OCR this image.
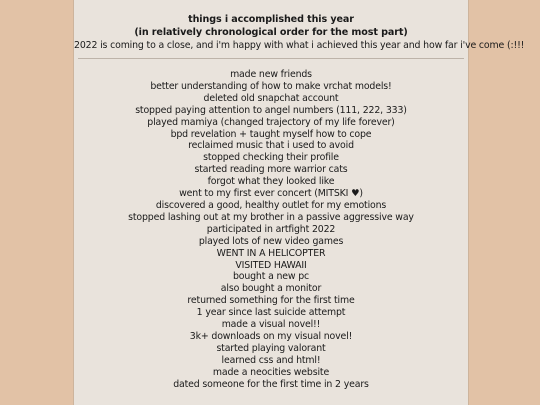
things i accomplished this year
(in relatively chronological order for the most part)
2022 is coming to a close, and i'm happy with what i achieved this year and how far i've come (:!!!
made new friends
better understanding of how to make vrchat models!
deleted old snapchat account
stopped paying attention to angel numbers (111, 222, 333)
played mamiya (changed trajectory of my life forever)
bpd revelation + taught myself how to cope
reclaimed music that i used to avoid
stopped checking their profile
started reading more warrior cats
forgot what they looked like
went to my first ever concert (MITSKI ♥)
discovered a good, healthy outlet for my emotions
stopped lashing out at my brother in a passive aggressive way
participated in artfight 2022
played lots of new video games
WENT IN A HELICOPTER
VISITED HAWAII
bought a new pc
also bought a monitor
returned something for the first time
1 year since last suicide attempt
made a visual novel!!
3k+ downloads on my visual novel!
started playing valorant
learned css and html!
made a neocities website
dated someone for the first time in 2 years
